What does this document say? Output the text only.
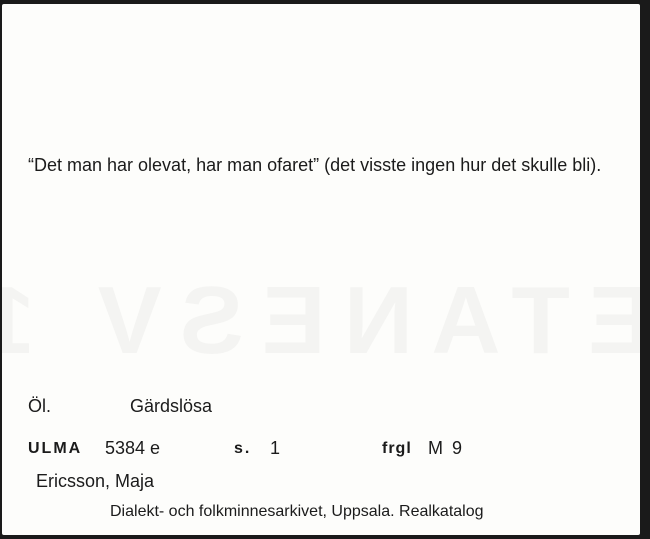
“Det man har olevat, har man ofaret” (det visste ingen hur det skulle bli).
Öl.	Gärdslösa
ULMA 5384 e	s. 1	frgl M 9
Ericsson, Maja
Dialekt- och folkminnesarkivet, Uppsala. Realkatalog
